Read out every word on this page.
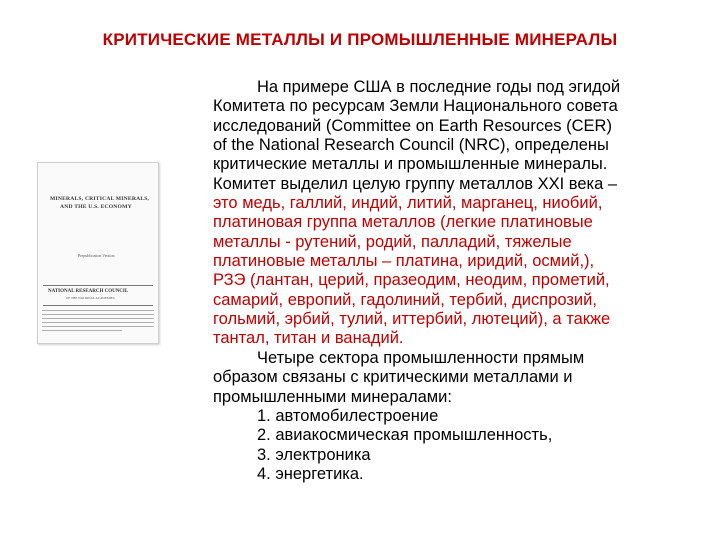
КРИТИЧЕСКИЕ МЕТАЛЛЫ И ПРОМЫШЛЕННЫЕ МИНЕРАЛЫ
MINERALS, CRITICAL MINERALS,
AND THE U.S. ECONOMY
Prepublication Version
NATIONAL RESEARCH COUNCIL
OF THE NATIONAL ACADEMIES
На примере США в последние годы под эгидой
Комитета по ресурсам Земли Национального совета
исследований (Committee on Earth Resources (CER)
of the National Research Council (NRC), определены
критические металлы и промышленные минералы.
Комитет выделил целую группу металлов XXI века –
это медь, галлий, индий, литий, марганец, ниобий,
платиновая группа металлов (легкие платиновые
металлы - рутений, родий, палладий, тяжелые
платиновые металлы – платина, иридий, осмий,),
РЗЭ (лантан, церий, празеодим, неодим, прометий,
самарий, европий, гадолиний, тербий, диспрозий,
гольмий, эрбий, тулий, иттербий, лютеций), а также
тантал, титан и ванадий.
Четыре сектора промышленности прямым
образом связаны с критическими металлами и
промышленными минералами:
1. автомобилестроение
2. авиакосмическая промышленность,
3. электроника
4. энергетика.
